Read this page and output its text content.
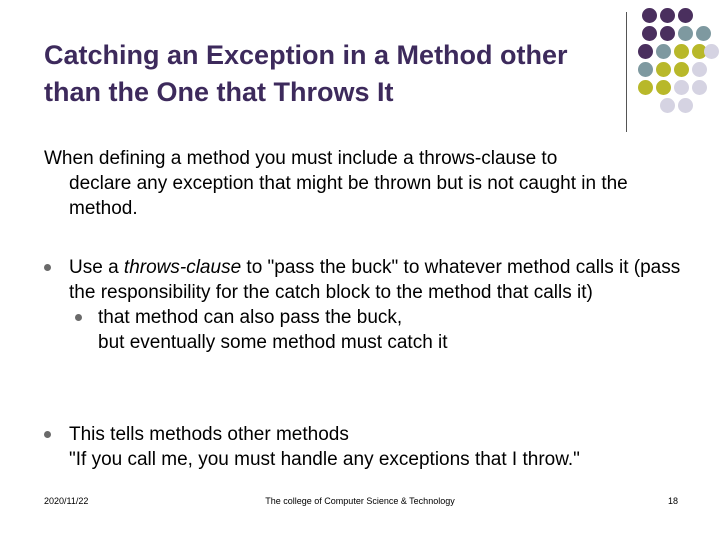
Catching an Exception in a Method other than the One that Throws It
When defining a method you must include a throws-clause to
declare any exception that might be thrown but is not caught in the method.
Use a throws-clause to "pass the buck" to whatever method calls it (pass the responsibility for the catch block to the method that calls it)
that method can also pass the buck,
but eventually some method must catch it
This tells methods other methods
"If you call me, you must handle any exceptions that I throw."
2020/11/22	The college of Computer Science & Technology	18
